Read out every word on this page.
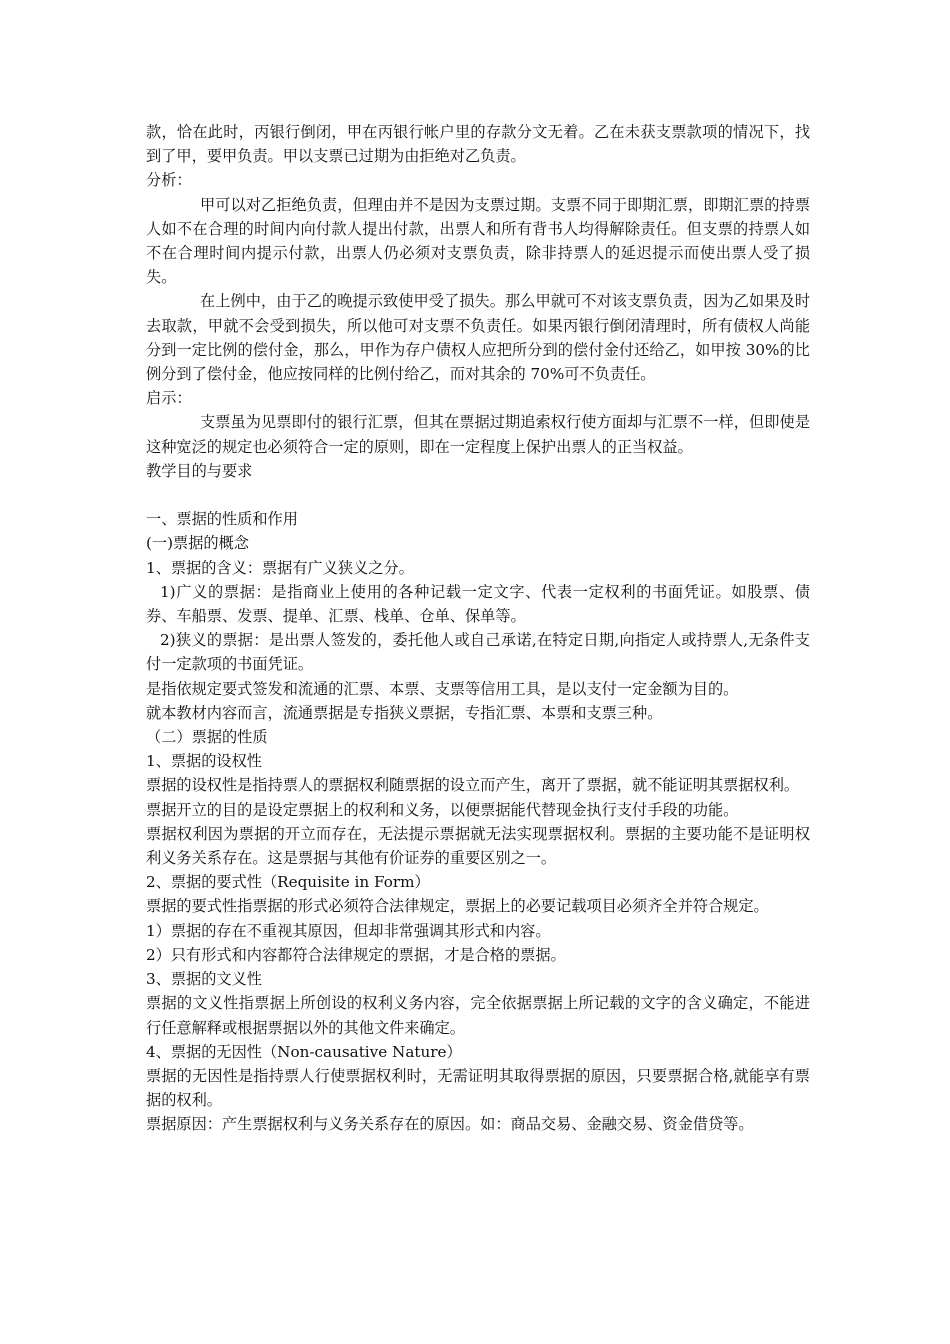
款，恰在此时，丙银行倒闭，甲在丙银行帐户里的存款分文无着。乙在未获支票款项的情况下，找到了甲，要甲负责。甲以支票已过期为由拒绝对乙负责。

分析：

甲可以对乙拒绝负责，但理由并不是因为支票过期。支票不同于即期汇票，即期汇票的持票人如不在合理的时间内向付款人提出付款，出票人和所有背书人均得解除责任。但支票的持票人如不在合理时间内提示付款，出票人仍必须对支票负责，除非持票人的延迟提示而使出票人受了损失。

在上例中，由于乙的晚提示致使甲受了损失。那么甲就可不对该支票负责，因为乙如果及时去取款，甲就不会受到损失，所以他可对支票不负责任。如果丙银行倒闭清理时，所有债权人尚能分到一定比例的偿付金，那么，甲作为存户债权人应把所分到的偿付金付还给乙，如甲按 30%的比例分到了偿付金，他应按同样的比例付给乙，而对其余的 70%可不负责任。

启示：

支票虽为见票即付的银行汇票，但其在票据过期追索权行使方面却与汇票不一样，但即使是这种宽泛的规定也必须符合一定的原则，即在一定程度上保护出票人的正当权益。

教学目的与要求

一、票据的性质和作用

(一)票据的概念

1、票据的含义：票据有广义狭义之分。

1)广义的票据：是指商业上使用的各种记载一定文字、代表一定权利的书面凭证。如股票、债券、车船票、发票、提单、汇票、栈单、仓单、保单等。

2)狭义的票据：是出票人签发的，委托他人或自己承诺,在特定日期,向指定人或持票人,无条件支付一定款项的书面凭证。

是指依规定要式签发和流通的汇票、本票、支票等信用工具，是以支付一定金额为目的。

就本教材内容而言，流通票据是专指狭义票据，专指汇票、本票和支票三种。

（二）票据的性质

1、票据的设权性

票据的设权性是指持票人的票据权利随票据的设立而产生，离开了票据，就不能证明其票据权利。

票据开立的目的是设定票据上的权利和义务，以便票据能代替现金执行支付手段的功能。

票据权利因为票据的开立而存在，无法提示票据就无法实现票据权利。票据的主要功能不是证明权利义务关系存在。这是票据与其他有价证券的重要区别之一。

2、票据的要式性（Requisite in Form）

票据的要式性指票据的形式必须符合法律规定，票据上的必要记载项目必须齐全并符合规定。

1）票据的存在不重视其原因，但却非常强调其形式和内容。

2）只有形式和内容都符合法律规定的票据，才是合格的票据。

3、票据的文义性

票据的文义性指票据上所创设的权利义务内容，完全依据票据上所记载的文字的含义确定，不能进行任意解释或根据票据以外的其他文件来确定。

4、票据的无因性（Non-causative Nature）

票据的无因性是指持票人行使票据权利时，无需证明其取得票据的原因，只要票据合格,就能享有票据的权利。

票据原因：产生票据权利与义务关系存在的原因。如：商品交易、金融交易、资金借贷等。
